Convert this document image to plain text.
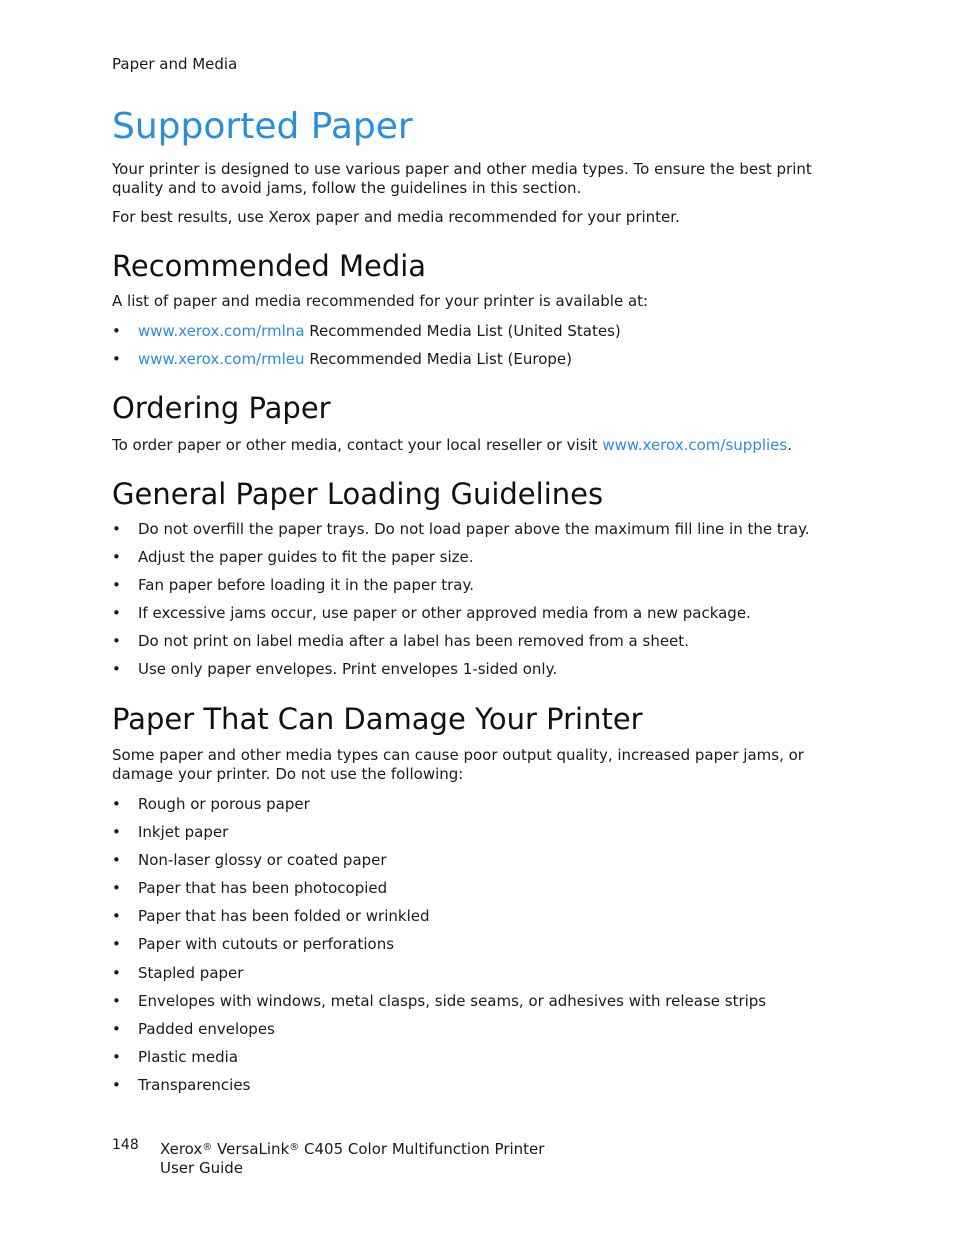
Paper and Media
Supported Paper

Your printer is designed to use various paper and other media types. To ensure the best print quality and to avoid jams, follow the guidelines in this section.

For best results, use Xerox paper and media recommended for your printer.

Recommended Media

A list of paper and media recommended for your printer is available at:

• www.xerox.com/rmlna Recommended Media List (United States)
• www.xerox.com/rmleu Recommended Media List (Europe)
Ordering Paper

To order paper or other media, contact your local reseller or visit www.xerox.com/supplies.

General Paper Loading Guidelines
• Do not overfill the paper trays. Do not load paper above the maximum fill line in the tray.
• Adjust the paper guides to fit the paper size.
• Fan paper before loading it in the paper tray.
• If excessive jams occur, use paper or other approved media from a new package.
• Do not print on label media after a label has been removed from a sheet.
• Use only paper envelopes. Print envelopes 1-sided only.
Paper That Can Damage Your Printer

Some paper and other media types can cause poor output quality, increased paper jams, or damage your printer. Do not use the following:

• Rough or porous paper
• Inkjet paper
• Non-laser glossy or coated paper
• Paper that has been photocopied
• Paper that has been folded or wrinkled
• Paper with cutouts or perforations
• Stapled paper
• Envelopes with windows, metal clasps, side seams, or adhesives with release strips
• Padded envelopes
• Plastic media
• Transparencies
148 Xerox® VersaLink® C405 Color Multifunction Printer
User Guide
